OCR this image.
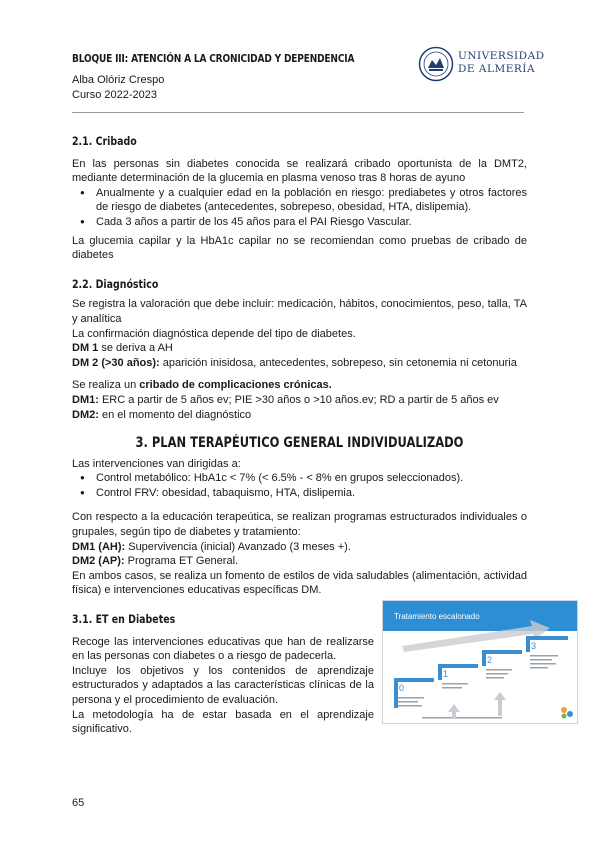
BLOQUE III: ATENCIÓN A LA CRONICIDAD Y DEPENDENCIA
Alba Olóriz Crespo
Curso 2022-2023
UNIVERSIDAD
DE ALMERÍA
2.1. Cribado

En las personas sin diabetes conocida se realizará cribado oportunista de la DMT2, mediante determinación de la glucemia en plasma venoso tras 8 horas de ayuno

● Anualmente y a cualquier edad en la población en riesgo: prediabetes y otros factores de riesgo de diabetes (antecedentes, sobrepeso, obesidad, HTA, dislipemia).
● Cada 3 años a partir de los 45 años para el PAI Riesgo Vascular.

La glucemia capilar y la HbA1c capilar no se recomiendan como pruebas de cribado de diabetes

2.2. Diagnóstico

Se registra la valoración que debe incluir: medicación, hábitos, conocimientos, peso, talla, TA y analítica

La confirmación diagnóstica depende del tipo de diabetes.

DM 1 se deriva a AH

DM 2 (>30 años): aparición inisidosa, antecedentes, sobrepeso, sin cetonemia ni cetonuria

Se realiza un cribado de complicaciones crónicas.

DM1: ERC a partir de 5 años ev; PIE >30 años o >10 años.ev; RD a partir de 5 años ev

DM2: en el momento del diagnóstico

3. PLAN TERAPÉUTICO GENERAL INDIVIDUALIZADO

Las intervenciones van dirigidas a:

● Control metabólico: HbA1c < 7% (< 6.5% - < 8% en grupos seleccionados).
● Control FRV: obesidad, tabaquismo, HTA, dislipemia.

Con respecto a la educación terapeútica, se realizan programas estructurados individuales o grupales, según tipo de diabetes y tratamiento:

DM1 (AH): Supervivencia (inicial) Avanzado (3 meses +).

DM2 (AP): Programa ET General.

En ambos casos, se realiza un fomento de estilos de vida saludables (alimentación, actividad física) e intervenciones educativas específicas DM.

3.1. ET en Diabetes

Recoge las intervenciones educativas que han de realizarse en las personas con diabetes o a riesgo de padecerla.

Incluye los objetivos y los contenidos de aprendizaje estructurados y adaptados a las características clínicas de la persona y el procedimiento de evaluación.

La metodología ha de estar basada en el aprendizaje significativo.

Tratamiento escalonado
0
1
2
3
65
